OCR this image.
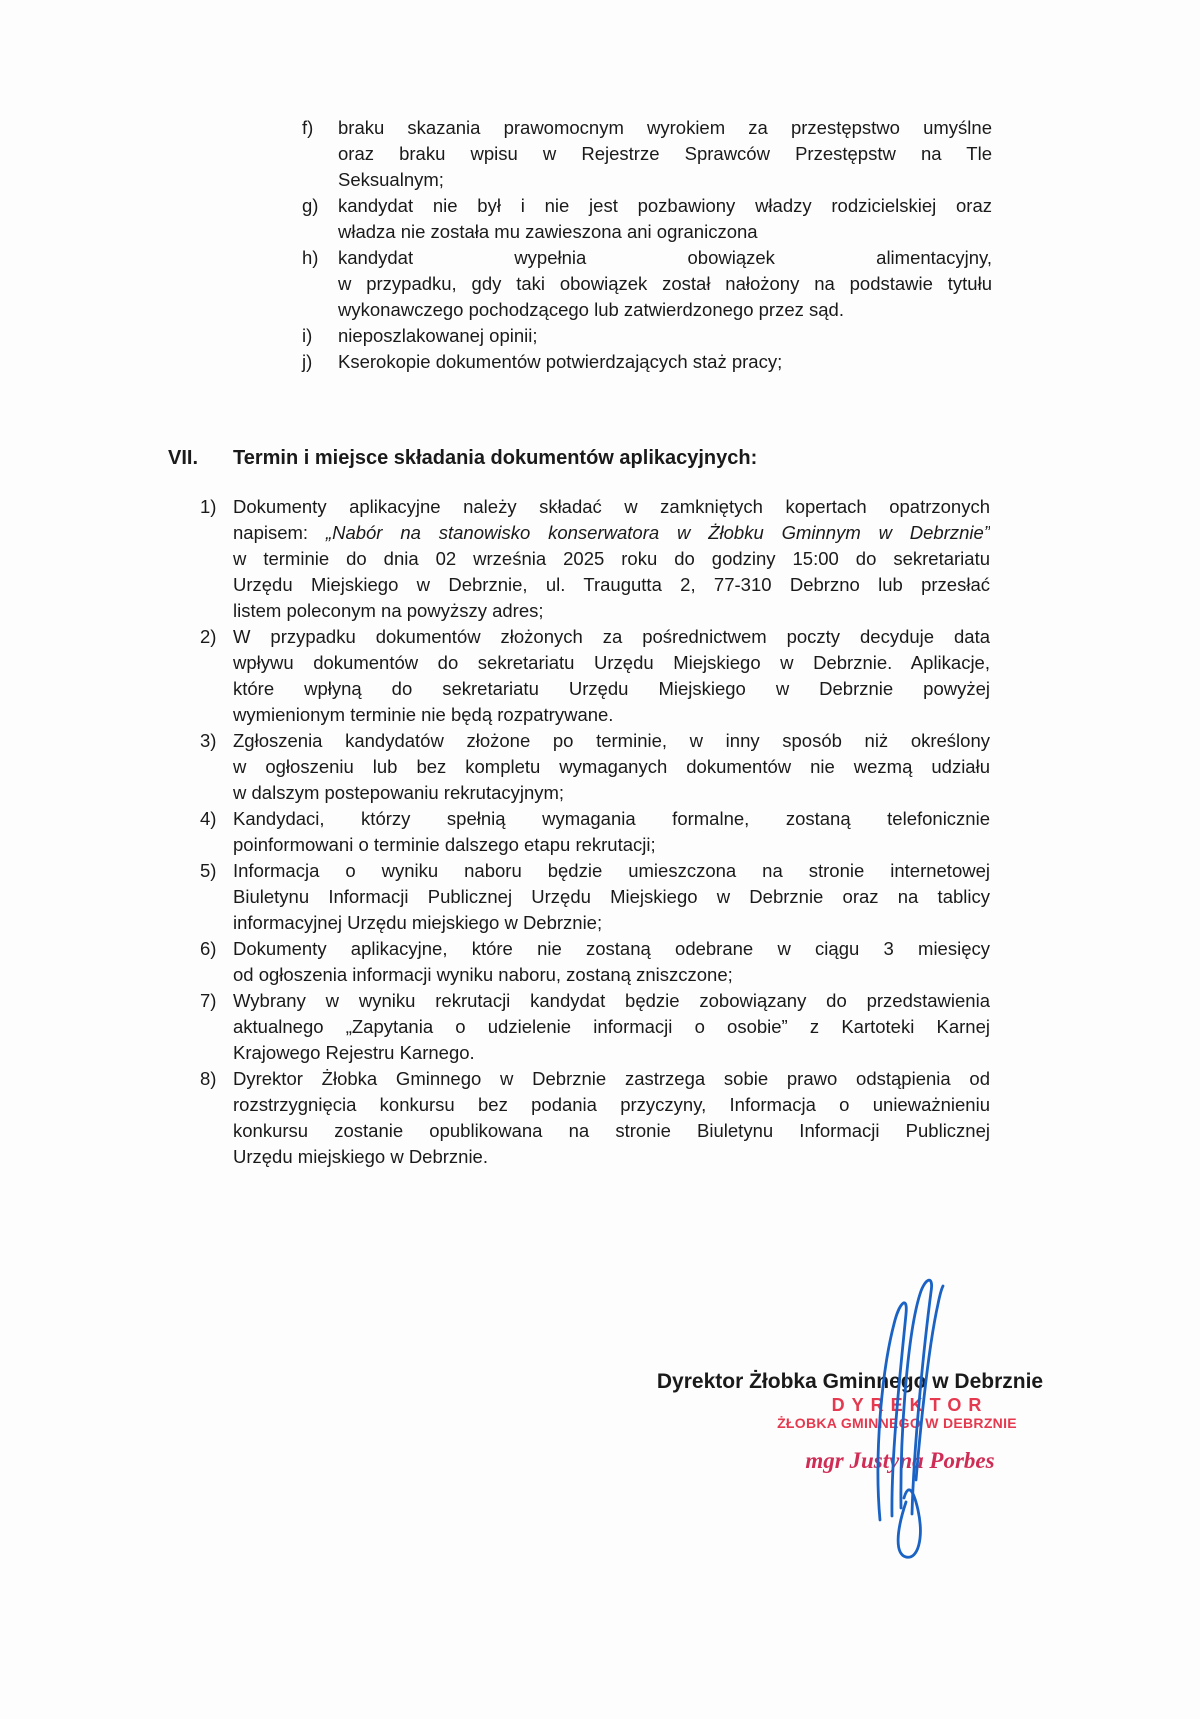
f)	braku skazania prawomocnym wyrokiem za przestępstwo umyślne
oraz braku wpisu w Rejestrze Sprawców Przestępstw na Tle
Seksualnym;
g)	kandydat nie był i nie jest pozbawiony władzy rodzicielskiej oraz
władza nie została mu zawieszona ani ograniczona
h)	kandydat wypełnia obowiązek alimentacyjny,
w przypadku, gdy taki obowiązek został nałożony na podstawie tytułu
wykonawczego pochodzącego lub zatwierdzonego przez sąd.
i)	nieposzlakowanej opinii;
j)	Kserokopie dokumentów potwierdzających staż pracy;
VII.	Termin i miejsce składania dokumentów aplikacyjnych:
1) Dokumenty aplikacyjne należy składać w zamkniętych kopertach opatrzonych
napisem: „Nabór na stanowisko konserwatora w Żłobku Gminnym w Debrznie”
w terminie do dnia 02 września 2025 roku do godziny 15:00 do sekretariatu
Urzędu Miejskiego w Debrznie, ul. Traugutta 2, 77-310 Debrzno lub przesłać
listem poleconym na powyższy adres;
2) W przypadku dokumentów złożonych za pośrednictwem poczty decyduje data
wpływu dokumentów do sekretariatu Urzędu Miejskiego w Debrznie. Aplikacje,
które wpłyną do sekretariatu Urzędu Miejskiego w Debrznie powyżej
wymienionym terminie nie będą rozpatrywane.
3) Zgłoszenia kandydatów złożone po terminie, w inny sposób niż określony
w ogłoszeniu lub bez kompletu wymaganych dokumentów nie wezmą udziału
w dalszym postepowaniu rekrutacyjnym;
4) Kandydaci, którzy spełnią wymagania formalne, zostaną telefonicznie
poinformowani o terminie dalszego etapu rekrutacji;
5) Informacja o wyniku naboru będzie umieszczona na stronie internetowej
Biuletynu Informacji Publicznej Urzędu Miejskiego w Debrznie oraz na tablicy
informacyjnej Urzędu miejskiego w Debrznie;
6) Dokumenty aplikacyjne, które nie zostaną odebrane w ciągu 3 miesięcy
od ogłoszenia informacji wyniku naboru, zostaną zniszczone;
7) Wybrany w wyniku rekrutacji kandydat będzie zobowiązany do przedstawienia
aktualnego „Zapytania o udzielenie informacji o osobie” z Kartoteki Karnej
Krajowego Rejestru Karnego.
8) Dyrektor Żłobka Gminnego w Debrznie zastrzega sobie prawo odstąpienia od
rozstrzygnięcia konkursu bez podania przyczyny, Informacja o unieważnieniu
konkursu zostanie opublikowana na stronie Biuletynu Informacji Publicznej
Urzędu miejskiego w Debrznie.
Dyrektor Żłobka Gminnego w Debrznie
DYREKTOR
ŻŁOBKA GMINNEGO W DEBRZNIE
mgr Justyna Porbes
